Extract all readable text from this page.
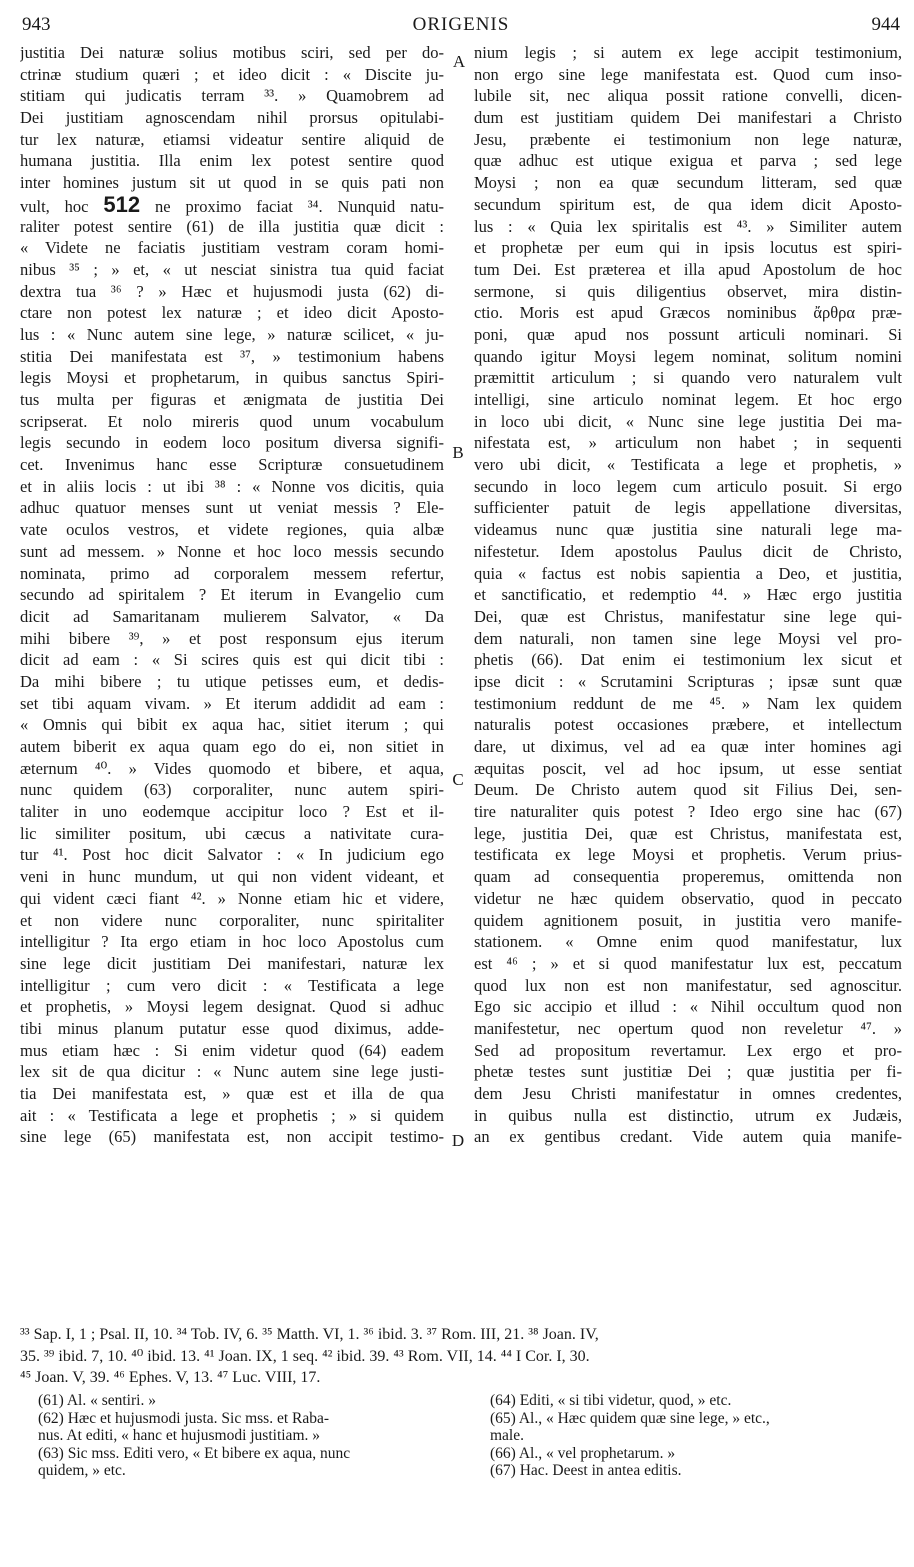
943	ORIGENIS	944
justitia Dei naturæ solius motibus sciri, sed per do-
ctrinæ studium quæri ; et ideo dicit : « Discite ju-
stitiam qui judicatis terram ³³. » Quamobrem ad
Dei justitiam agnoscendam nihil prorsus opitulabi-
tur lex naturæ, etiamsi videatur sentire aliquid de
humana justitia. Illa enim lex potest sentire quod
inter homines justum sit ut quod in se quis pati non
vult, hoc 512 ne proximo faciat ³⁴. Nunquid natu-
raliter potest sentire (61) de illa justitia quæ dicit :
« Videte ne faciatis justitiam vestram coram homi-
nibus ³⁵ ; » et, « ut nesciat sinistra tua quid faciat
dextra tua ³⁶ ? » Hæc et hujusmodi justa (62) di-
ctare non potest lex naturæ ; et ideo dicit Aposto-
lus : « Nunc autem sine lege, » naturæ scilicet, « ju-
stitia Dei manifestata est ³⁷, » testimonium habens
legis Moysi et prophetarum, in quibus sanctus Spiri-
tus multa per figuras et ænigmata de justitia Dei
scripserat. Et nolo mireris quod unum vocabulum
legis secundo in eodem loco positum diversa signifi-
cet. Invenimus hanc esse Scripturæ consuetudinem
et in aliis locis : ut ibi ³⁸ : « Nonne vos dicitis, quia
adhuc quatuor menses sunt ut veniat messis ? Ele-
vate oculos vestros, et videte regiones, quia albæ
sunt ad messem. » Nonne et hoc loco messis secundo
nominata, primo ad corporalem messem refertur,
secundo ad spiritalem ? Et iterum in Evangelio cum
dicit ad Samaritanam mulierem Salvator, « Da
mihi bibere ³⁹, » et post responsum ejus iterum
dicit ad eam : « Si scires quis est qui dicit tibi :
Da mihi bibere ; tu utique petisses eum, et dedis-
set tibi aquam vivam. » Et iterum addidit ad eam :
« Omnis qui bibit ex aqua hac, sitiet iterum ; qui
autem biberit ex aqua quam ego do ei, non sitiet in
æternum ⁴⁰. » Vides quomodo et bibere, et aqua,
nunc quidem (63) corporaliter, nunc autem spiri-
taliter in uno eodemque accipitur loco ? Est et il-
lic similiter positum, ubi cæcus a nativitate cura-
tur ⁴¹. Post hoc dicit Salvator : « In judicium ego
veni in hunc mundum, ut qui non vident videant, et
qui vident cæci fiant ⁴². » Nonne etiam hic et videre,
et non videre nunc corporaliter, nunc spiritaliter
intelligitur ? Ita ergo etiam in hoc loco Apostolus cum
sine lege dicit justitiam Dei manifestari, naturæ lex
intelligitur ; cum vero dicit : « Testificata a lege
et prophetis, » Moysi legem designat. Quod si adhuc
tibi minus planum putatur esse quod diximus, adde-
mus etiam hæc : Si enim videtur quod (64) eadem
lex sit de qua dicitur : « Nunc autem sine lege justi-
tia Dei manifestata est, » quæ est et illa de qua
ait : « Testificata a lege et prophetis ; » si quidem
sine lege (65) manifestata est, non accipit testimo-
A
B
C
D
nium legis ; si autem ex lege accipit testimonium,
non ergo sine lege manifestata est. Quod cum inso-
lubile sit, nec aliqua possit ratione convelli, dicen-
dum est justitiam quidem Dei manifestari a Christo
Jesu, præbente ei testimonium non lege naturæ,
quæ adhuc est utique exigua et parva ; sed lege
Moysi ; non ea quæ secundum litteram, sed quæ
secundum spiritum est, de qua idem dicit Aposto-
lus : « Quia lex spiritalis est ⁴³. » Similiter autem
et prophetæ per eum qui in ipsis locutus est spiri-
tum Dei. Est præterea et illa apud Apostolum de hoc
sermone, si quis diligentius observet, mira distin-
ctio. Moris est apud Græcos nominibus ἄρθρα præ-
poni, quæ apud nos possunt articuli nominari. Si
quando igitur Moysi legem nominat, solitum nomini
præmittit articulum ; si quando vero naturalem vult
intelligi, sine articulo nominat legem. Et hoc ergo
in loco ubi dicit, « Nunc sine lege justitia Dei ma-
nifestata est, » articulum non habet ; in sequenti
vero ubi dicit, « Testificata a lege et prophetis, »
secundo in loco legem cum articulo posuit. Si ergo
sufficienter patuit de legis appellatione diversitas,
videamus nunc quæ justitia sine naturali lege ma-
nifestetur. Idem apostolus Paulus dicit de Christo,
quia « factus est nobis sapientia a Deo, et justitia,
et sanctificatio, et redemptio ⁴⁴. » Hæc ergo justitia
Dei, quæ est Christus, manifestatur sine lege qui-
dem naturali, non tamen sine lege Moysi vel pro-
phetis (66). Dat enim ei testimonium lex sicut et
ipse dicit : « Scrutamini Scripturas ; ipsæ sunt quæ
testimonium reddunt de me ⁴⁵. » Nam lex quidem
naturalis potest occasiones præbere, et intellectum
dare, ut diximus, vel ad ea quæ inter homines agi
æquitas poscit, vel ad hoc ipsum, ut esse sentiat
Deum. De Christo autem quod sit Filius Dei, sen-
tire naturaliter quis potest ? Ideo ergo sine hac (67)
lege, justitia Dei, quæ est Christus, manifestata est,
testificata ex lege Moysi et prophetis. Verum prius-
quam ad consequentia properemus, omittenda non
videtur ne hæc quidem observatio, quod in peccato
quidem agnitionem posuit, in justitia vero manife-
stationem. « Omne enim quod manifestatur, lux
est ⁴⁶ ; » et si quod manifestatur lux est, peccatum
quod lux non est non manifestatur, sed agnoscitur.
Ego sic accipio et illud : « Nihil occultum quod non
manifestetur, nec opertum quod non reveletur ⁴⁷. »
Sed ad propositum revertamur. Lex ergo et pro-
phetæ testes sunt justitiæ Dei ; quæ justitia per fi-
dem Jesu Christi manifestatur in omnes credentes,
in quibus nulla est distinctio, utrum ex Judæis,
an ex gentibus credant. Vide autem quia manife-
³³ Sap. I, 1 ; Psal. II, 10. ³⁴ Tob. IV, 6. ³⁵ Matth. VI, 1. ³⁶ ibid. 3. ³⁷ Rom. III, 21. ³⁸ Joan. IV,
35. ³⁹ ibid. 7, 10. ⁴⁰ ibid. 13. ⁴¹ Joan. IX, 1 seq. ⁴² ibid. 39. ⁴³ Rom. VII, 14. ⁴⁴ I Cor. I, 30.
⁴⁵ Joan. V, 39. ⁴⁶ Ephes. V, 13. ⁴⁷ Luc. VIII, 17.
(61) Al. « sentiri. »
(62) Hæc et hujusmodi justa. Sic mss. et Raba-
nus. At editi, « hanc et hujusmodi justitiam. »
(63) Sic mss. Editi vero, « Et bibere ex aqua, nunc
quidem, » etc.
(64) Editi, « si tibi videtur, quod, » etc.
(65) Al., « Hæc quidem quæ sine lege, » etc.,
male.
(66) Al., « vel prophetarum. »
(67) Hac. Deest in antea editis.
